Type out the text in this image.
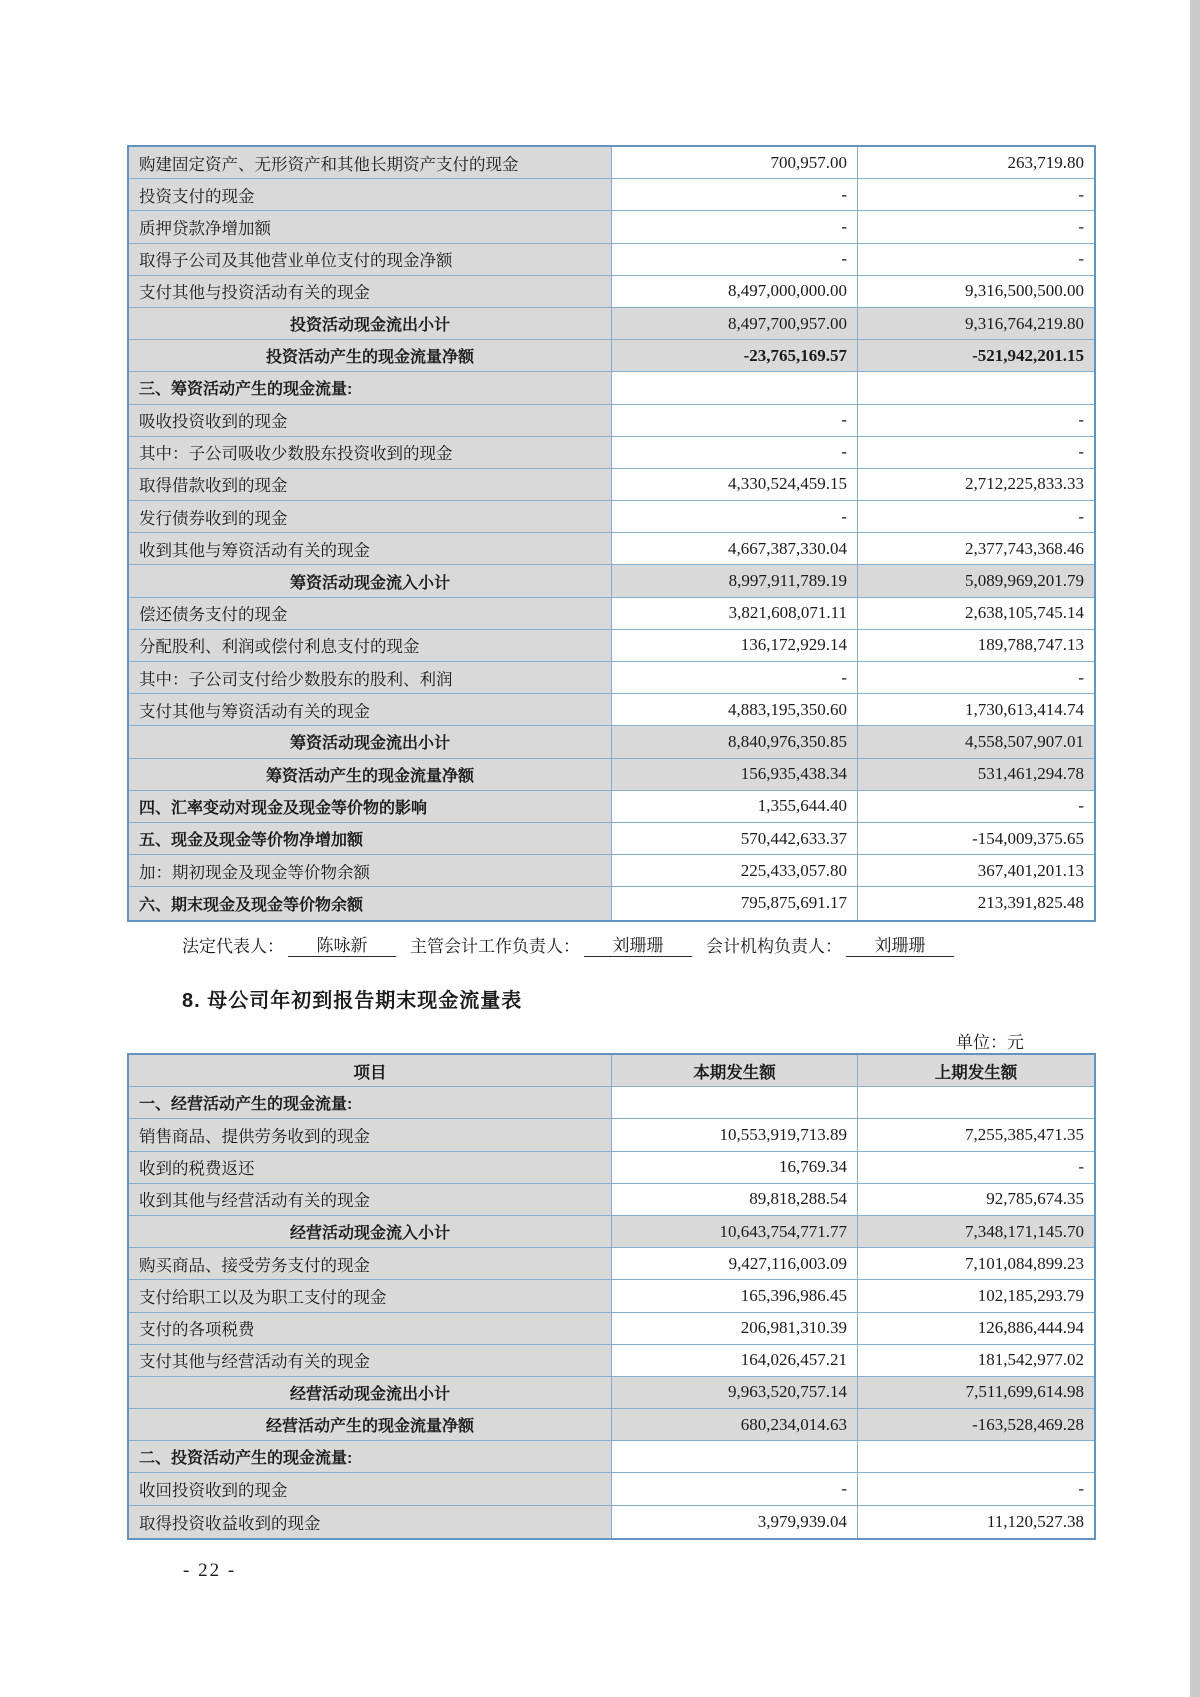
购建固定资产、无形资产和其他长期资产支付的现金	700,957.00	263,719.80
投资支付的现金	-	-
质押贷款净增加额	-	-
取得子公司及其他营业单位支付的现金净额	-	-
支付其他与投资活动有关的现金	8,497,000,000.00	9,316,500,500.00
投资活动现金流出小计	8,497,700,957.00	9,316,764,219.80
投资活动产生的现金流量净额	-23,765,169.57	-521,942,201.15
三、筹资活动产生的现金流量:
吸收投资收到的现金	-	-
其中：子公司吸收少数股东投资收到的现金	-	-
取得借款收到的现金	4,330,524,459.15	2,712,225,833.33
发行债券收到的现金	-	-
收到其他与筹资活动有关的现金	4,667,387,330.04	2,377,743,368.46
筹资活动现金流入小计	8,997,911,789.19	5,089,969,201.79
偿还债务支付的现金	3,821,608,071.11	2,638,105,745.14
分配股利、利润或偿付利息支付的现金	136,172,929.14	189,788,747.13
其中：子公司支付给少数股东的股利、利润	-	-
支付其他与筹资活动有关的现金	4,883,195,350.60	1,730,613,414.74
筹资活动现金流出小计	8,840,976,350.85	4,558,507,907.01
筹资活动产生的现金流量净额	156,935,438.34	531,461,294.78
四、汇率变动对现金及现金等价物的影响	1,355,644.40	-
五、现金及现金等价物净增加额	570,442,633.37	-154,009,375.65
加：期初现金及现金等价物余额	225,433,057.80	367,401,201.13
六、期末现金及现金等价物余额	795,875,691.17	213,391,825.48
法定代表人：	陈咏新	主管会计工作负责人：	刘珊珊	会计机构负责人：	刘珊珊
8. 母公司年初到报告期末现金流量表
单位：元
项目	本期发生额	上期发生额
一、经营活动产生的现金流量:
销售商品、提供劳务收到的现金	10,553,919,713.89	7,255,385,471.35
收到的税费返还	16,769.34	-
收到其他与经营活动有关的现金	89,818,288.54	92,785,674.35
经营活动现金流入小计	10,643,754,771.77	7,348,171,145.70
购买商品、接受劳务支付的现金	9,427,116,003.09	7,101,084,899.23
支付给职工以及为职工支付的现金	165,396,986.45	102,185,293.79
支付的各项税费	206,981,310.39	126,886,444.94
支付其他与经营活动有关的现金	164,026,457.21	181,542,977.02
经营活动现金流出小计	9,963,520,757.14	7,511,699,614.98
经营活动产生的现金流量净额	680,234,014.63	-163,528,469.28
二、投资活动产生的现金流量:
收回投资收到的现金	-	-
取得投资收益收到的现金	3,979,939.04	11,120,527.38
- 22 -
